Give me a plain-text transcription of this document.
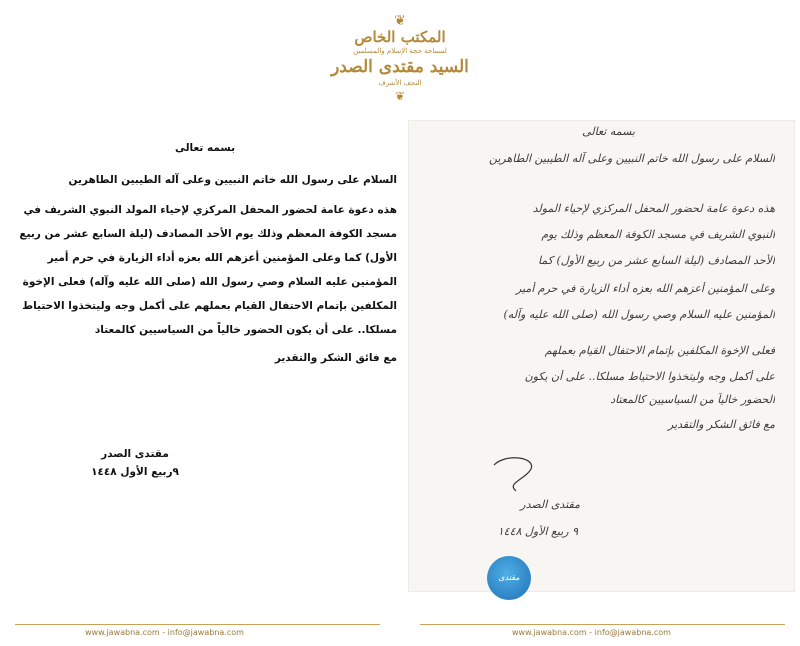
❦
المكتب الخاص
لسماحة حجة الإسلام والمسلمين
السيد مقتدى الصدر
النجف الأشرف
❦
بسمه تعالى

السلام على رسول الله خاتم النبيين وعلى آله الطيبين الطاهرين

هذه دعوة عامة لحضور المحفل المركزي لإحياء المولد النبوي الشريف في مسجد الكوفة المعظم وذلك يوم الأحد المصادف (ليلة السابع عشر من ربيع الأول) كما وعلى المؤمنين أعزهم الله بعزه أداء الزيارة في حرم أمير المؤمنين عليه السلام وصي رسول الله (صلى الله عليه وآله) فعلى الإخوة المكلفين بإتمام الاحتفال القيام بعملهم على أكمل وجه وليتخذوا الاحتياط مسلكا.. على أن يكون الحضور خالياً من السياسيين كالمعتاد

مع فائق الشكر والتقدير

مقتدى الصدر
٩ربيع الأول ١٤٤٨
بسمه تعالى
السلام على رسول الله خاتم النبيين وعلى آله الطيبين الطاهرين
هذه دعوة عامة لحضور المحفل المركزي لإحياء المولد
النبوي الشريف في مسجد الكوفة المعظم وذلك يوم
الأحد المصادف (ليلة السابع عشر من ربيع الأول) كما
وعلى المؤمنين أعزهم الله بعزه أداء الزيارة في حرم أمير
المؤمنين عليه السلام وصي رسول الله (صلى الله عليه وآله)
فعلى الإخوة المكلفين بإتمام الاحتفال القيام بعملهم
على أكمل وجه وليتخذوا الاحتياط مسلكا.. على أن يكون
الحضور خالياً من السياسيين كالمعتاد
مع فائق الشكر والتقدير
مقتدى الصدر
٩ ربيع الأول ١٤٤٨
مقتدى
www.jawabna.com - info@jawabna.com	www.jawabna.com - info@jawabna.com
